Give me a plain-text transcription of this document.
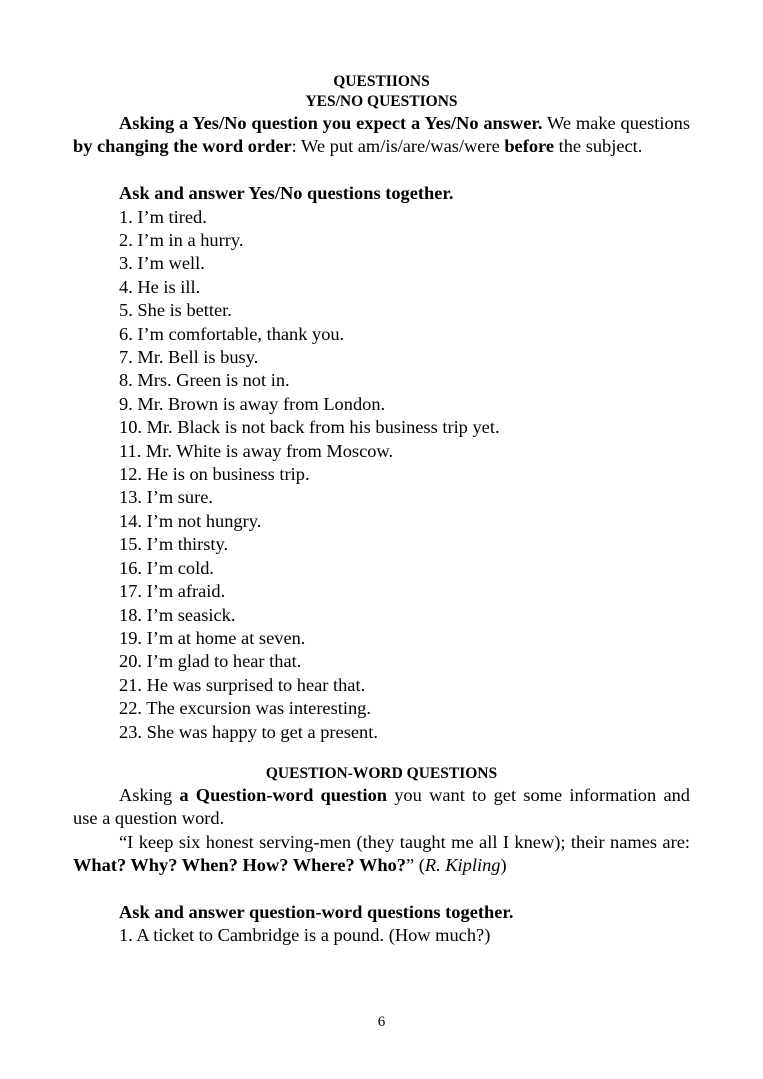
QUESTIIONS
YES/NO QUESTIONS

Asking a Yes/No question you expect a Yes/No answer. We make questions by changing the word order: We put am/is/are/was/were before the subject.

Ask and answer Yes/No questions together.

1. I’m tired.
2. I’m in a hurry.
3. I’m well.
4. He is ill.
5. She is better.
6. I’m comfortable, thank you.
7. Mr. Bell is busy.
8. Mrs. Green is not in.
9. Mr. Brown is away from London.
10. Mr. Black is not back from his business trip yet.
11. Mr. White is away from Moscow.
12. He is on business trip.
13. I’m sure.
14. I’m not hungry.
15. I’m thirsty.
16. I’m cold.
17. I’m afraid.
18. I’m seasick.
19. I’m at home at seven.
20. I’m glad to hear that.
21. He was surprised to hear that.
22. The excursion was interesting.
23. She was happy to get a present.
QUESTION-WORD QUESTIONS

Asking a Question-word question you want to get some information and use a question word.

“I keep six honest serving-men (they taught me all I knew); their names are: What? Why? When? How? Where? Who?” (R. Kipling)

Ask and answer question-word questions together.

1. A ticket to Cambridge is a pound. (How much?)
6
